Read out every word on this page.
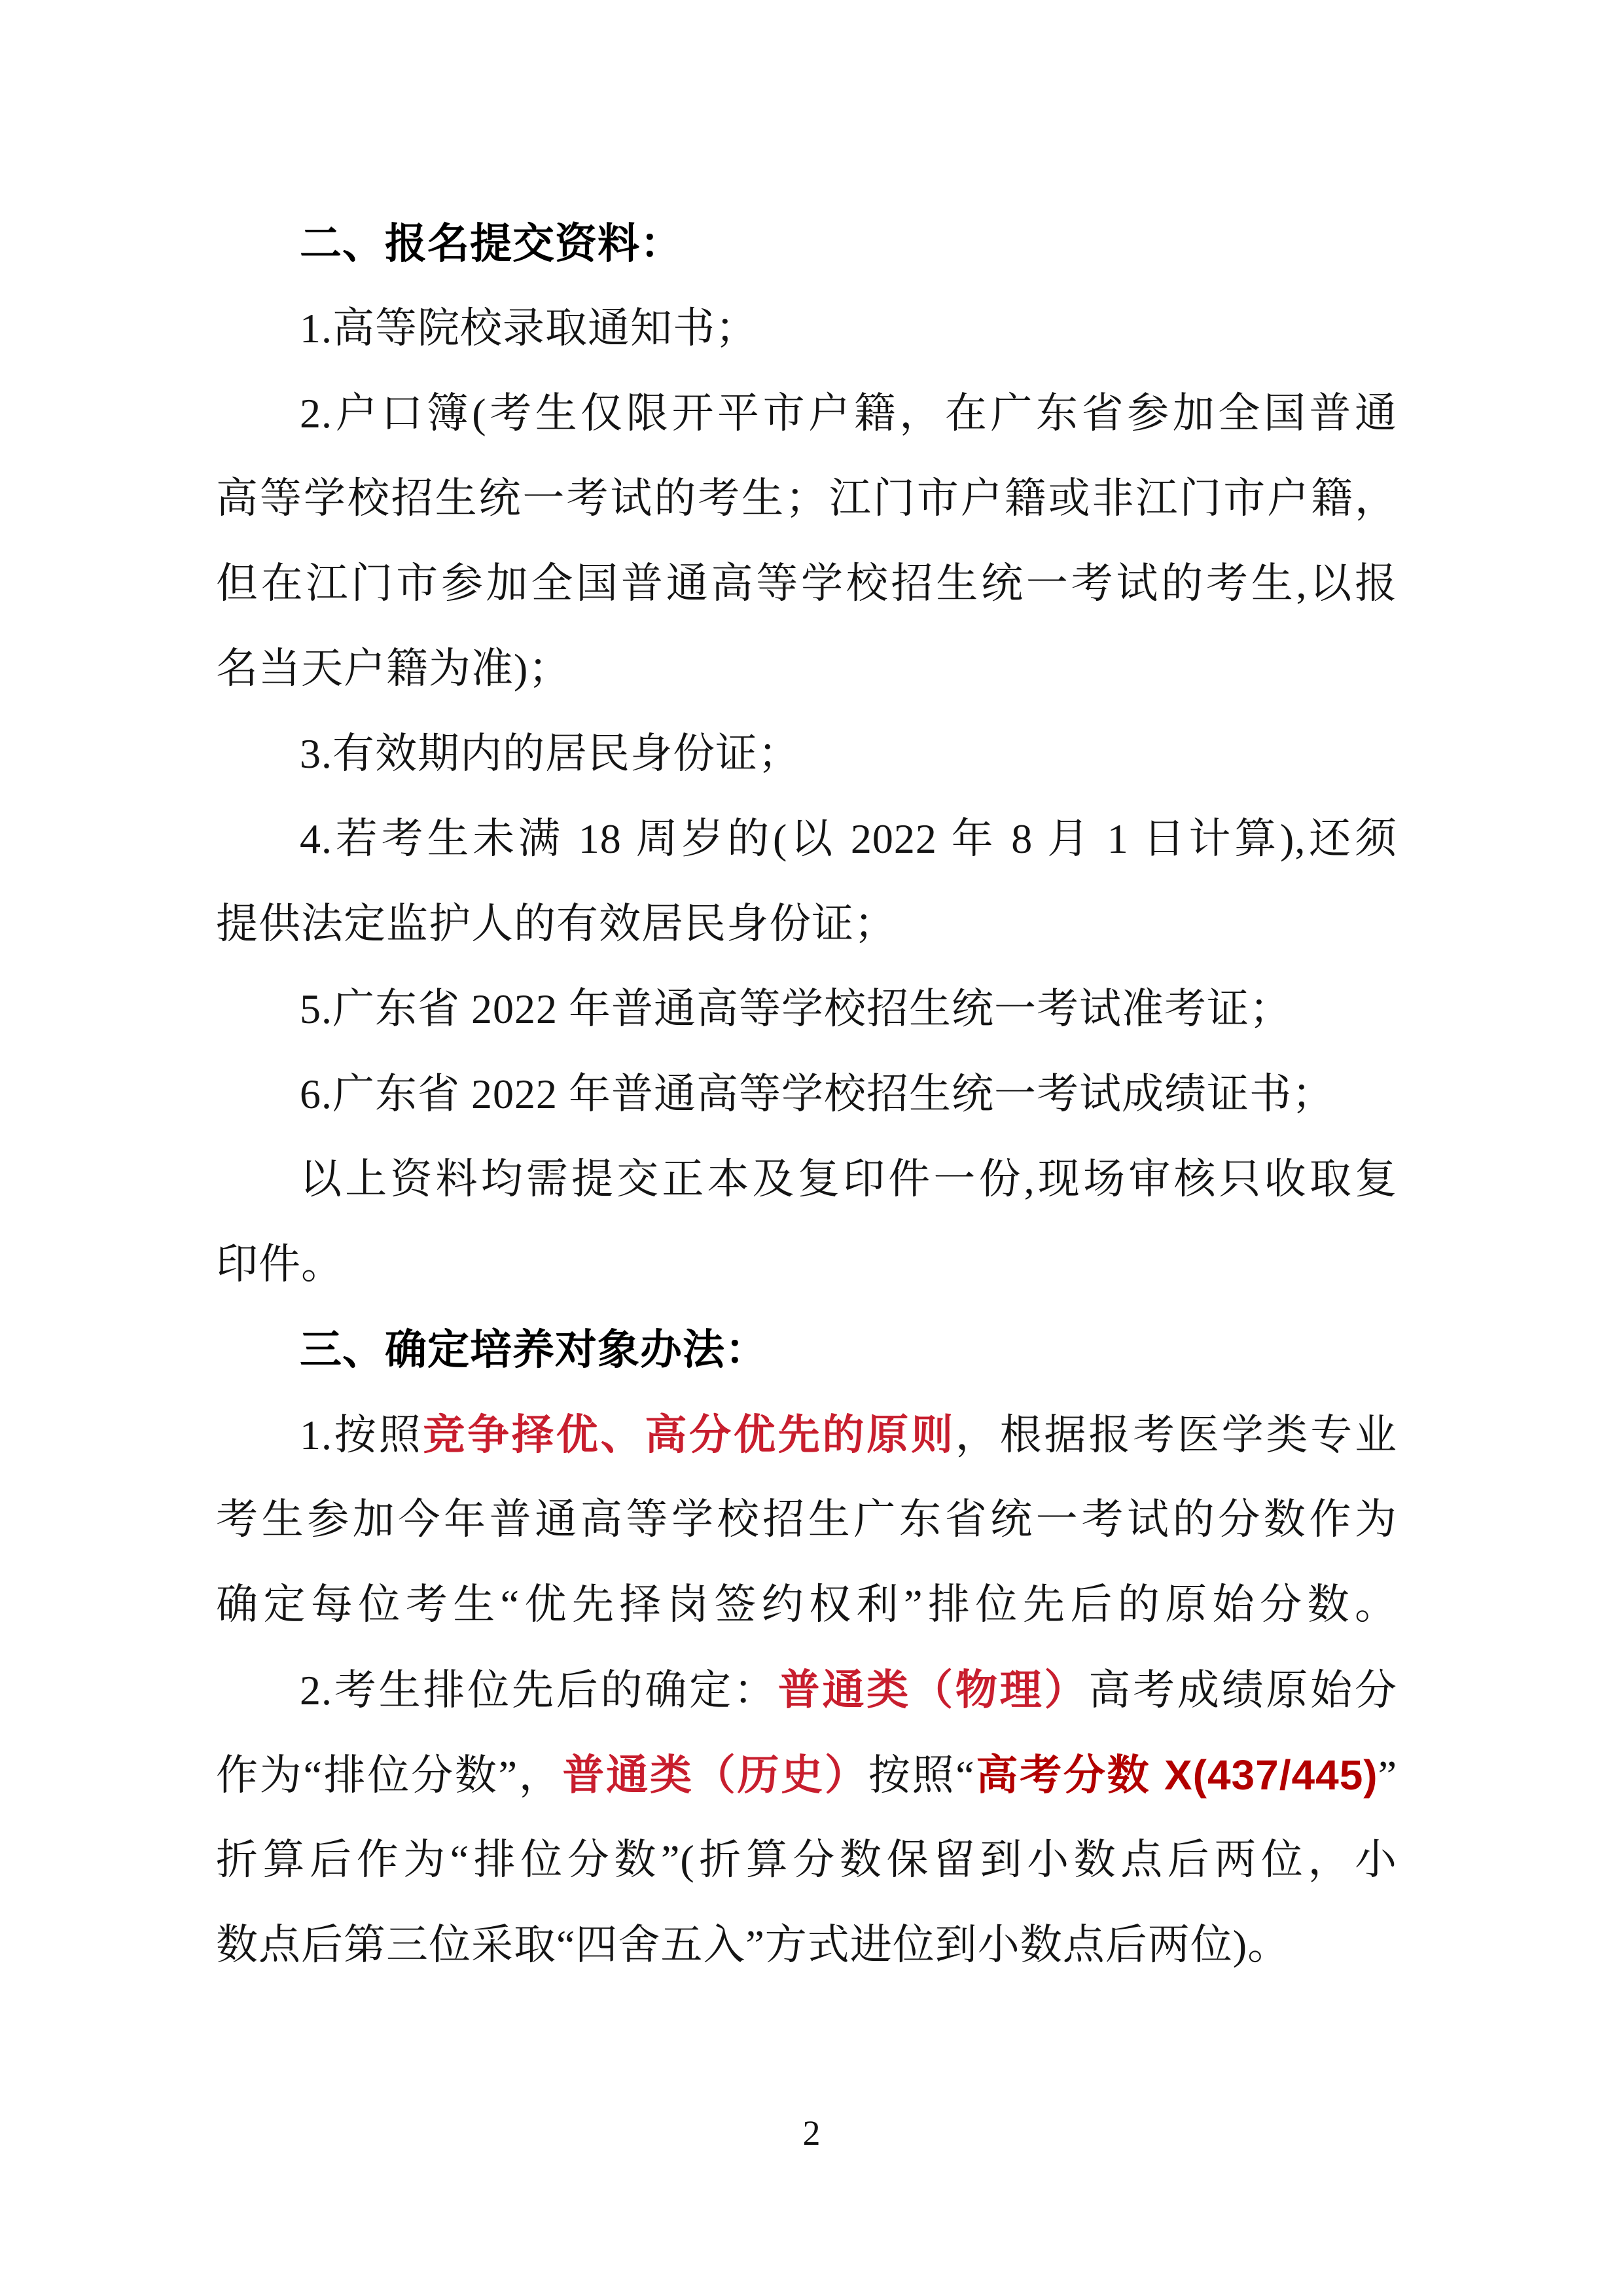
二、报名提交资料：
1.高等院校录取通知书；
2.户口簿(考生仅限开平市户籍，在广东省参加全国普通
高等学校招生统一考试的考生；江门市户籍或非江门市户籍，
但在江门市参加全国普通高等学校招生统一考试的考生,以报
名当天户籍为准)；
3.有效期内的居民身份证；
4.若考生未满 18 周岁的(以 2022 年 8 月 1 日计算),还须
提供法定监护人的有效居民身份证；
5.广东省 2022 年普通高等学校招生统一考试准考证；
6.广东省 2022 年普通高等学校招生统一考试成绩证书；
以上资料均需提交正本及复印件一份,现场审核只收取复
印件。
三、确定培养对象办法：
1.按照竞争择优、高分优先的原则，根据报考医学类专业
考生参加今年普通高等学校招生广东省统一考试的分数作为
确定每位考生“优先择岗签约权利”排位先后的原始分数。
2.考生排位先后的确定：普通类（物理）高考成绩原始分
作为“排位分数”，普通类（历史）按照“高考分数 X(437/445)”
折算后作为“排位分数”(折算分数保留到小数点后两位，小
数点后第三位采取“四舍五入”方式进位到小数点后两位)。
2
